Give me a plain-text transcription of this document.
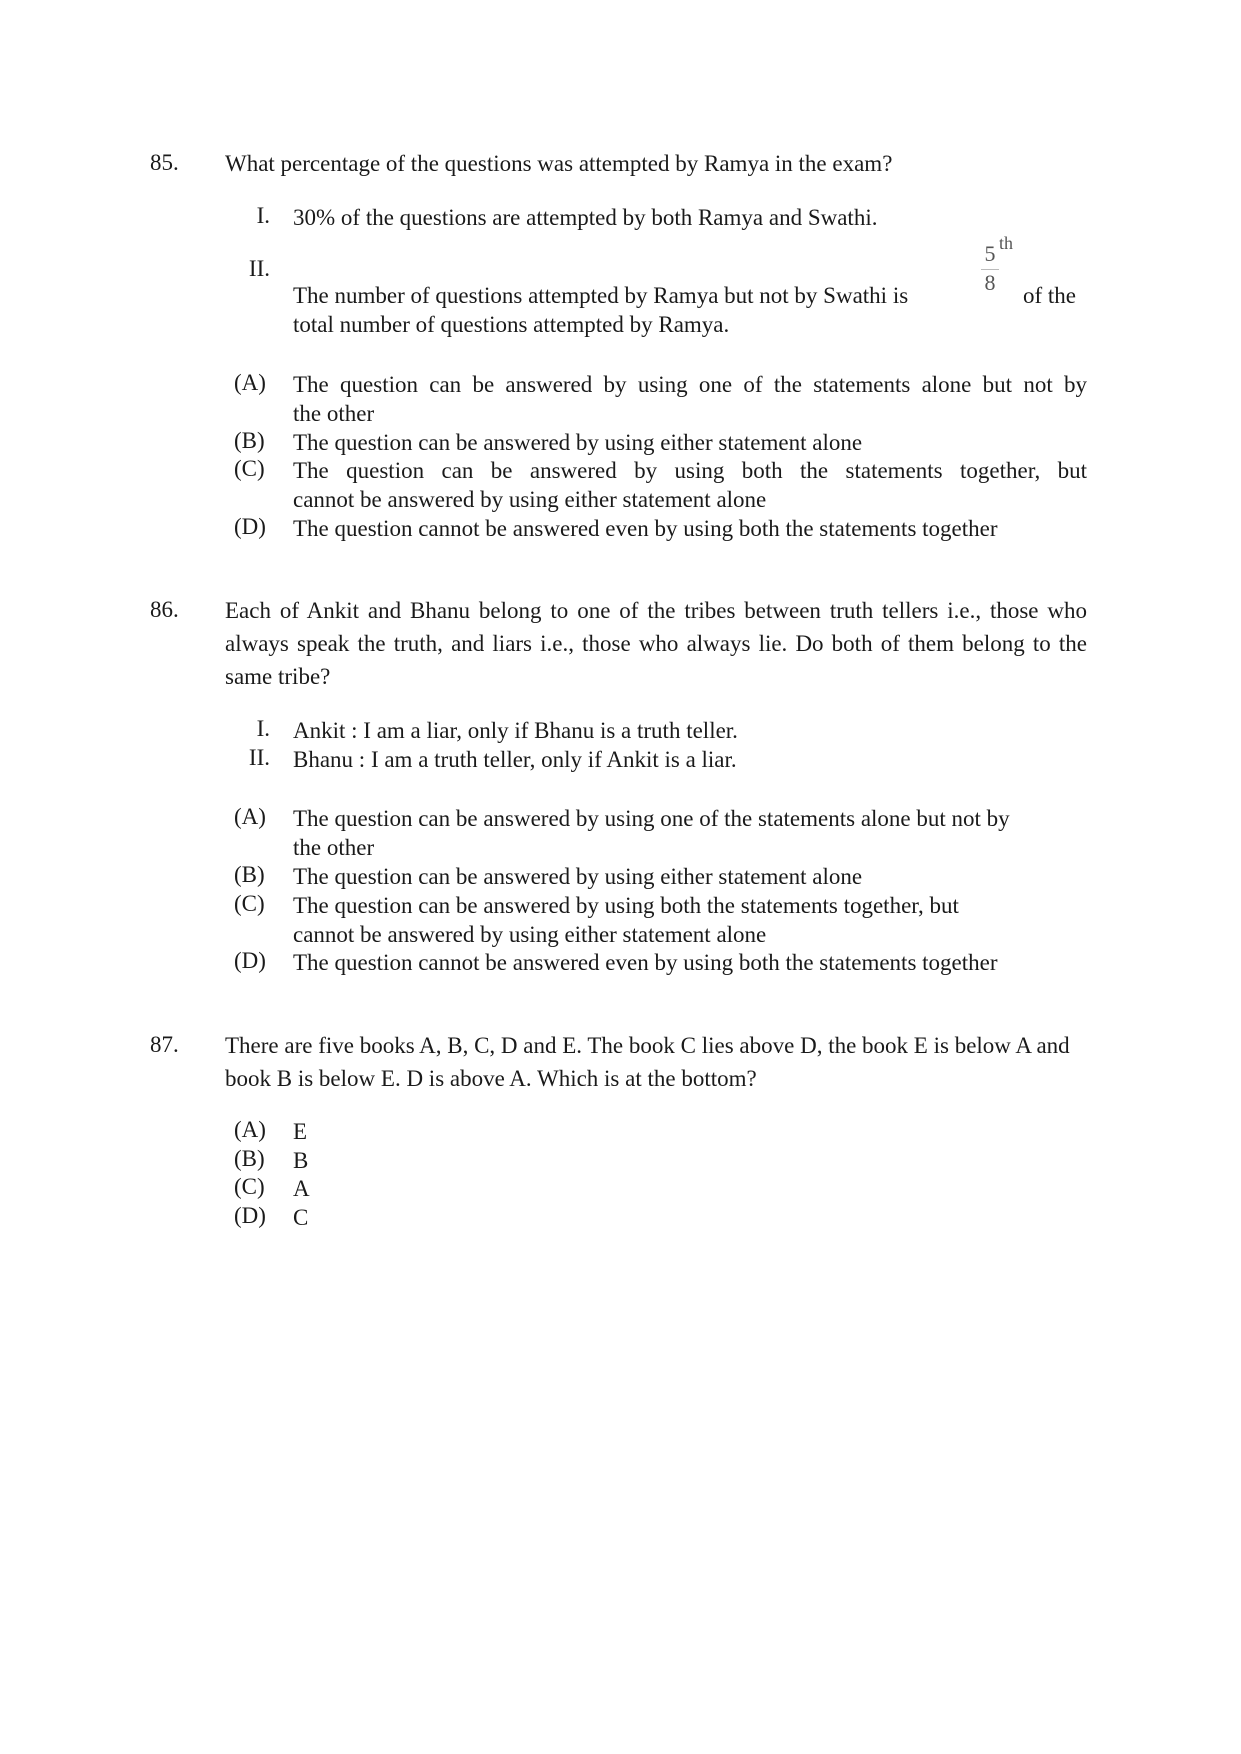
85. What percentage of the questions was attempted by Ramya in the exam?
I. 30% of the questions are attempted by both Ramya and Swathi.
II.
The number of questions attempted by Ramya but not by Swathi is	$\frac{5}{8}$ th
of the
total number of questions attempted by Ramya.
(A) The question can be answered by using one of the statements alone but not by
the other
(B) The question can be answered by using either statement alone
(C) The question can be answered by using both the statements together, but
cannot be answered by using either statement alone
(D) The question cannot be answered even by using both the statements together
86. Each of Ankit and Bhanu belong to one of the tribes between truth tellers i.e., those who always speak the truth, and liars i.e., those who always lie. Do both of them belong to the same tribe?
I. Ankit : I am a liar, only if Bhanu is a truth teller.
II. Bhanu : I am a truth teller, only if Ankit is a liar.
(A) The question can be answered by using one of the statements alone but not by
the other
(B) The question can be answered by using either statement alone
(C) The question can be answered by using both the statements together, but
cannot be answered by using either statement alone
(D) The question cannot be answered even by using both the statements together
87. There are five books A, B, C, D and E. The book C lies above D, the book E is below A and book B is below E. D is above A. Which is at the bottom?
(A) E
(B) B
(C) A
(D) C
